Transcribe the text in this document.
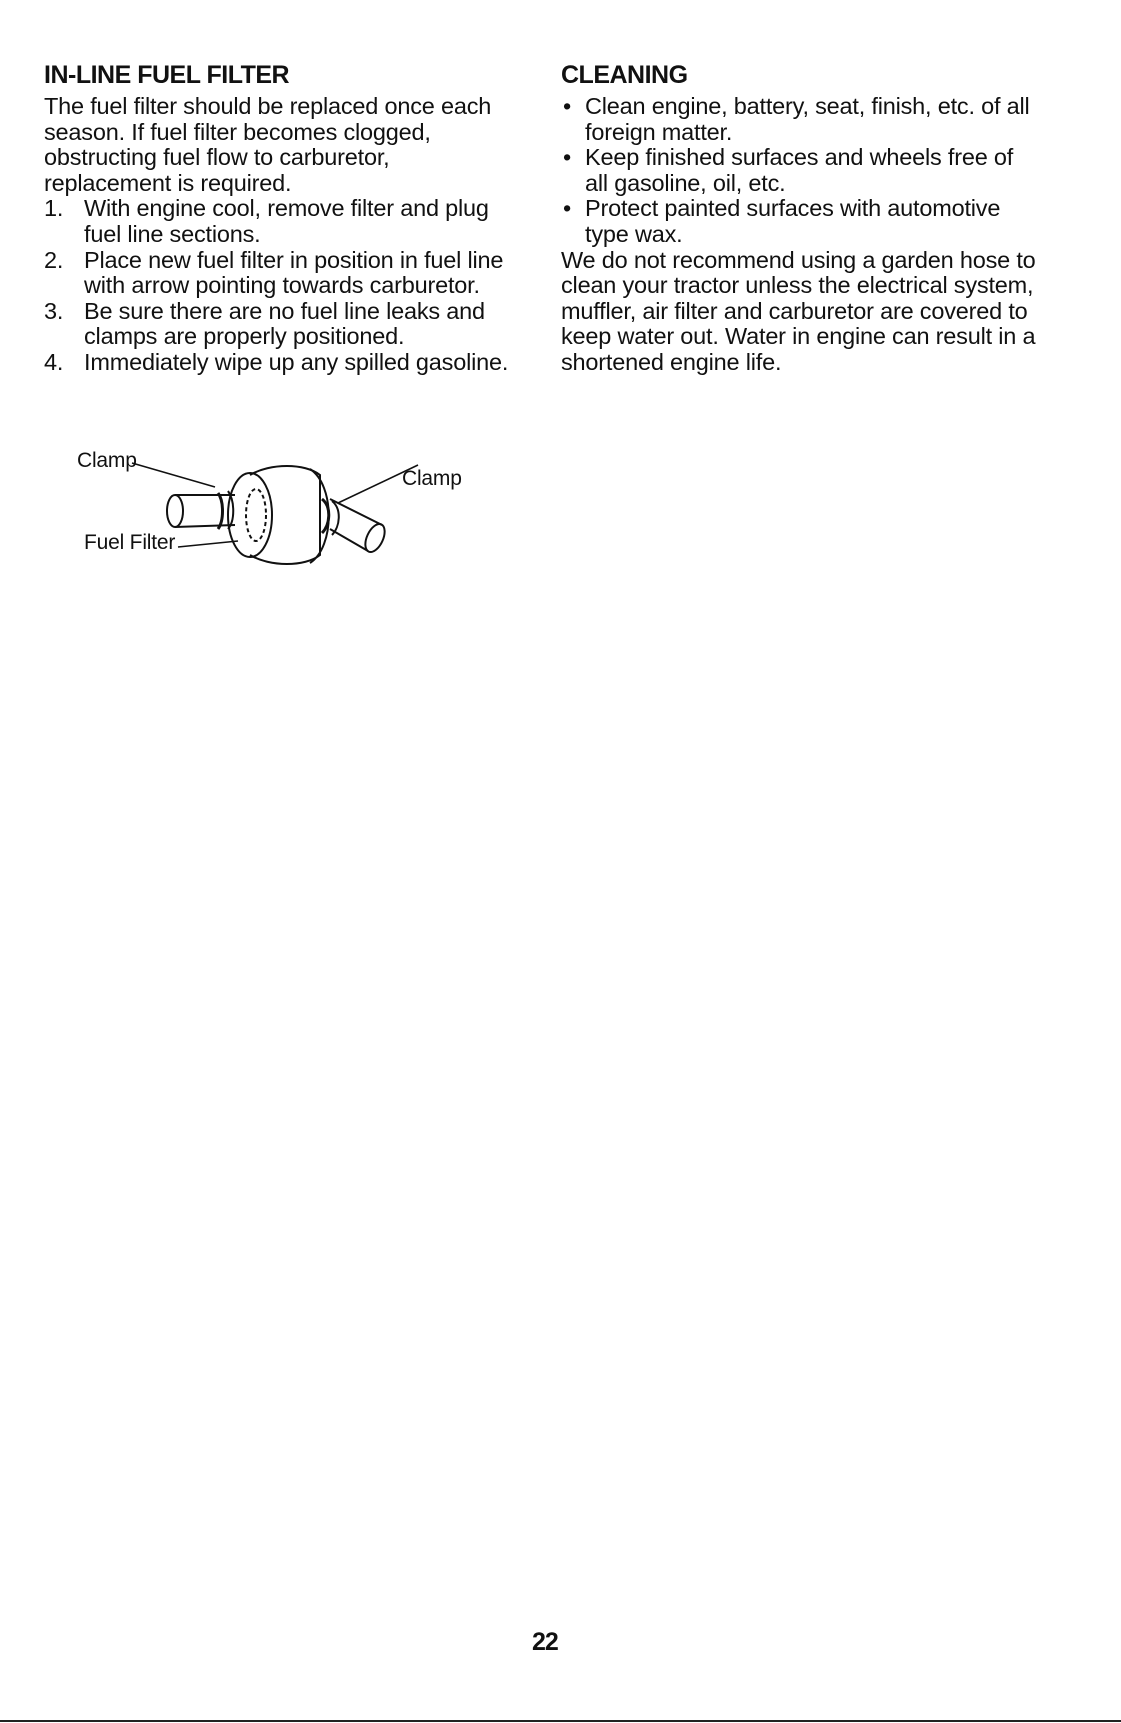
IN-LINE FUEL FILTER

The fuel filter should be replaced once each season. If fuel filter becomes clogged, obstructing fuel flow to carburetor, replacement is required.

1. With engine cool, remove filter and plug fuel line sections.
2. Place new fuel filter in position in fuel line with arrow pointing towards carburetor.
3. Be sure there are no fuel line leaks and clamps are properly positioned.
4. Immediately wipe up any spilled gasoline.
Clamp
Clamp
Fuel Filter
CLEANING
• Clean engine, battery, seat, finish, etc. of all foreign matter.
• Keep finished surfaces and wheels free of all gasoline, oil, etc.
• Protect painted surfaces with automotive type wax.

We do not recommend using a garden hose to clean your tractor unless the electrical system, muffler, air filter and carburetor are covered to keep water out. Water in engine can result in a shortened engine life.

22
